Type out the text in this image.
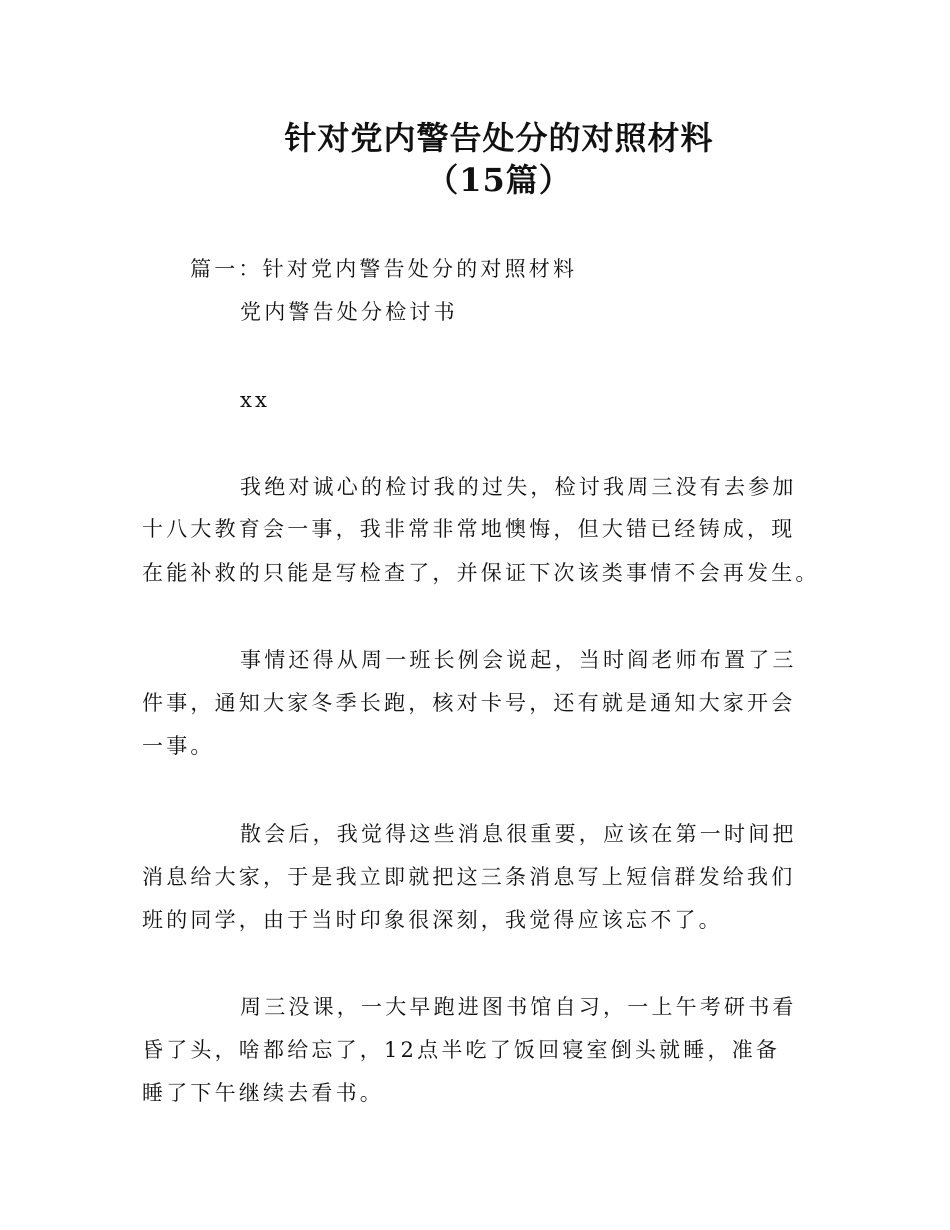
针对党内警告处分的对照材料
（15篇）
篇一：针对党内警告处分的对照材料
党内警告处分检讨书
xx
我绝对诚心的检讨我的过失，检讨我周三没有去参加
十八大教育会一事，我非常非常地懊悔，但大错已经铸成，现
在能补救的只能是写检查了，并保证下次该类事情不会再发生。
事情还得从周一班长例会说起，当时阎老师布置了三
件事，通知大家冬季长跑，核对卡号，还有就是通知大家开会
一事。
散会后，我觉得这些消息很重要，应该在第一时间把
消息给大家，于是我立即就把这三条消息写上短信群发给我们
班的同学，由于当时印象很深刻，我觉得应该忘不了。
周三没课，一大早跑进图书馆自习，一上午考研书看
昏了头，啥都给忘了，12点半吃了饭回寝室倒头就睡，准备
睡了下午继续去看书。
